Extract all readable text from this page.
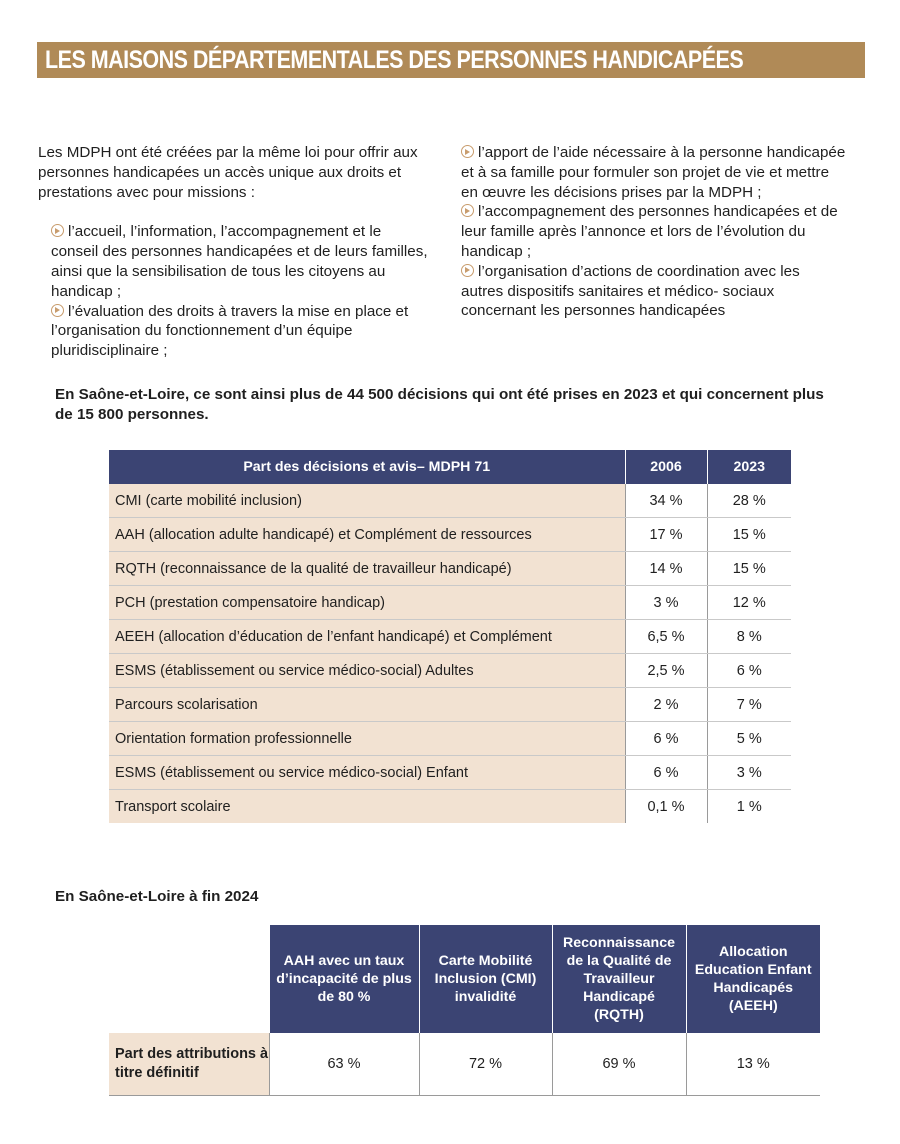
LES MAISONS DÉPARTEMENTALES DES PERSONNES HANDICAPÉES

Les MDPH ont été créées par la même loi pour offrir aux personnes handicapées un accès unique aux droits et prestations avec pour missions :

l’accueil, l’information, l’accompagnement et le conseil des personnes handicapées et de leurs familles, ainsi que la sensibilisation de tous les citoyens au handicap ;
l’évaluation des droits à travers la mise en place et l’organisation du fonctionnement d’un équipe pluridisciplinaire ;
l’apport de l’aide nécessaire à la personne handicapée et à sa famille pour formuler son projet de vie et mettre en œuvre les décisions prises par la MDPH ;
l’accompagnement des personnes handicapées et de leur famille après l’annonce et lors de l’évolution du handicap ;
l’organisation d’actions de coordination avec les autres dispositifs sanitaires et médico- sociaux concernant les personnes handicapées

En Saône-et-Loire, ce sont ainsi plus de 44 500 décisions qui ont été prises en 2023 et qui concernent plus de 15 800 personnes.

Part des décisions et avis– MDPH 71	2006	2023
CMI (carte mobilité inclusion)	34 %	28 %
AAH (allocation adulte handicapé) et Complément de ressources	17 %	15 %
RQTH (reconnaissance de la qualité de travailleur handicapé)	14 %	15 %
PCH (prestation compensatoire handicap)	3 %	12 %
AEEH (allocation d’éducation de l’enfant handicapé) et Complément	6,5 %	8 %
ESMS (établissement ou service médico-social) Adultes	2,5 %	6 %
Parcours scolarisation	2 %	7 %
Orientation formation professionnelle	6 %	5 %
ESMS (établissement ou service médico-social) Enfant	6 %	3 %
Transport scolaire	0,1 %	1 %

En Saône-et-Loire à fin 2024

	AAH avec un taux d’incapacité de plus de 80 %	Carte Mobilité Inclusion (CMI) invalidité	Reconnaissance de la Qualité de Travailleur Handicapé (RQTH)	Allocation Education Enfant Handicapés (AEEH)
Part des attributions à titre définitif	63 %	72 %	69 %	13 %
